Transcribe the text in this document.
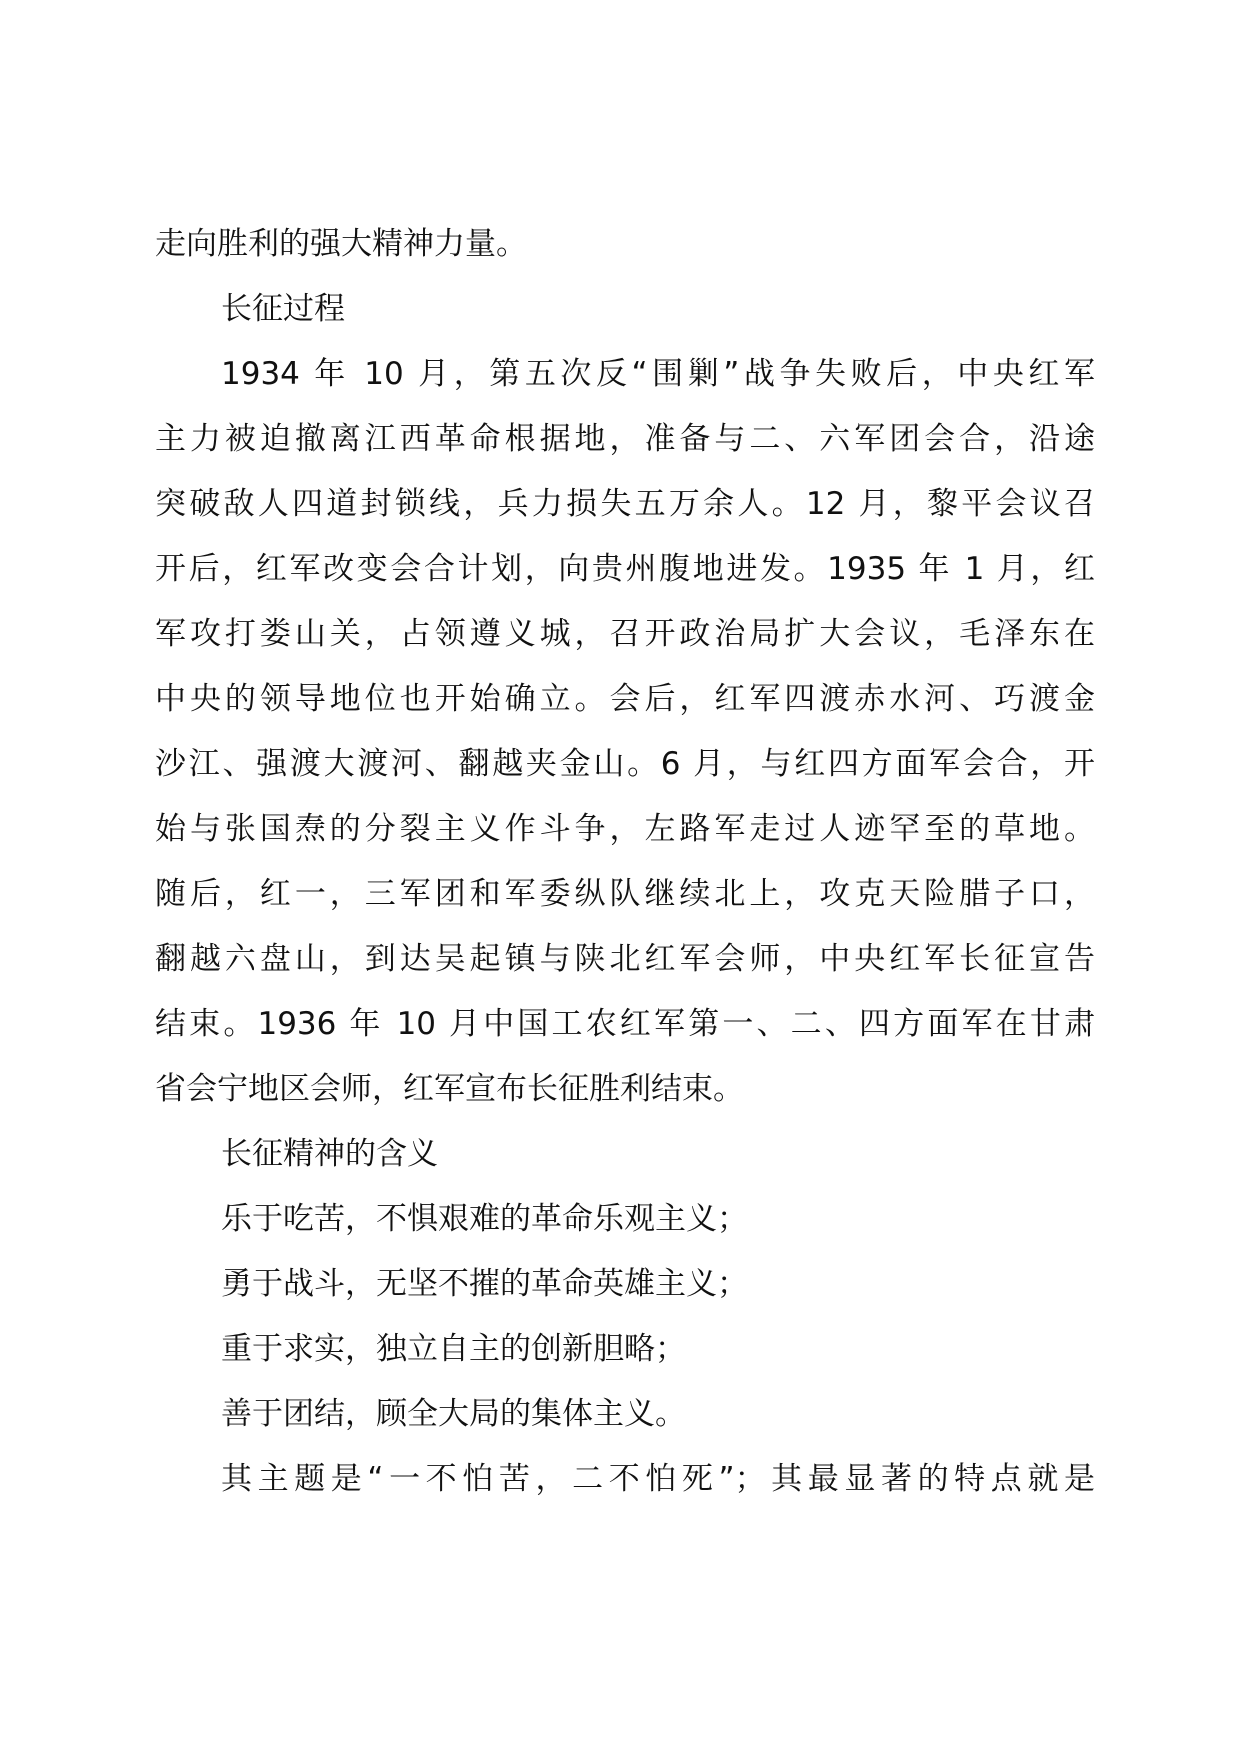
走向胜利的强大精神力量。
长征过程
1934 年 10 月，第五次反“围剿”战争失败后，中央红军
主力被迫撤离江西革命根据地，准备与二、六军团会合，沿途
突破敌人四道封锁线，兵力损失五万余人。12 月，黎平会议召
开后，红军改变会合计划，向贵州腹地进发。1935 年 1 月，红
军攻打娄山关，占领遵义城，召开政治局扩大会议，毛泽东在
中央的领导地位也开始确立。会后，红军四渡赤水河、巧渡金
沙江、强渡大渡河、翻越夹金山。6 月，与红四方面军会合，开
始与张国焘的分裂主义作斗争，左路军走过人迹罕至的草地。
随后，红一，三军团和军委纵队继续北上，攻克天险腊子口，
翻越六盘山，到达吴起镇与陕北红军会师，中央红军长征宣告
结束。1936 年 10 月中国工农红军第一、二、四方面军在甘肃
省会宁地区会师，红军宣布长征胜利结束。
长征精神的含义
乐于吃苦，不惧艰难的革命乐观主义；
勇于战斗，无坚不摧的革命英雄主义；
重于求实，独立自主的创新胆略；
善于团结，顾全大局的集体主义。
其主题是“一不怕苦，二不怕死”；其最显著的特点就是
